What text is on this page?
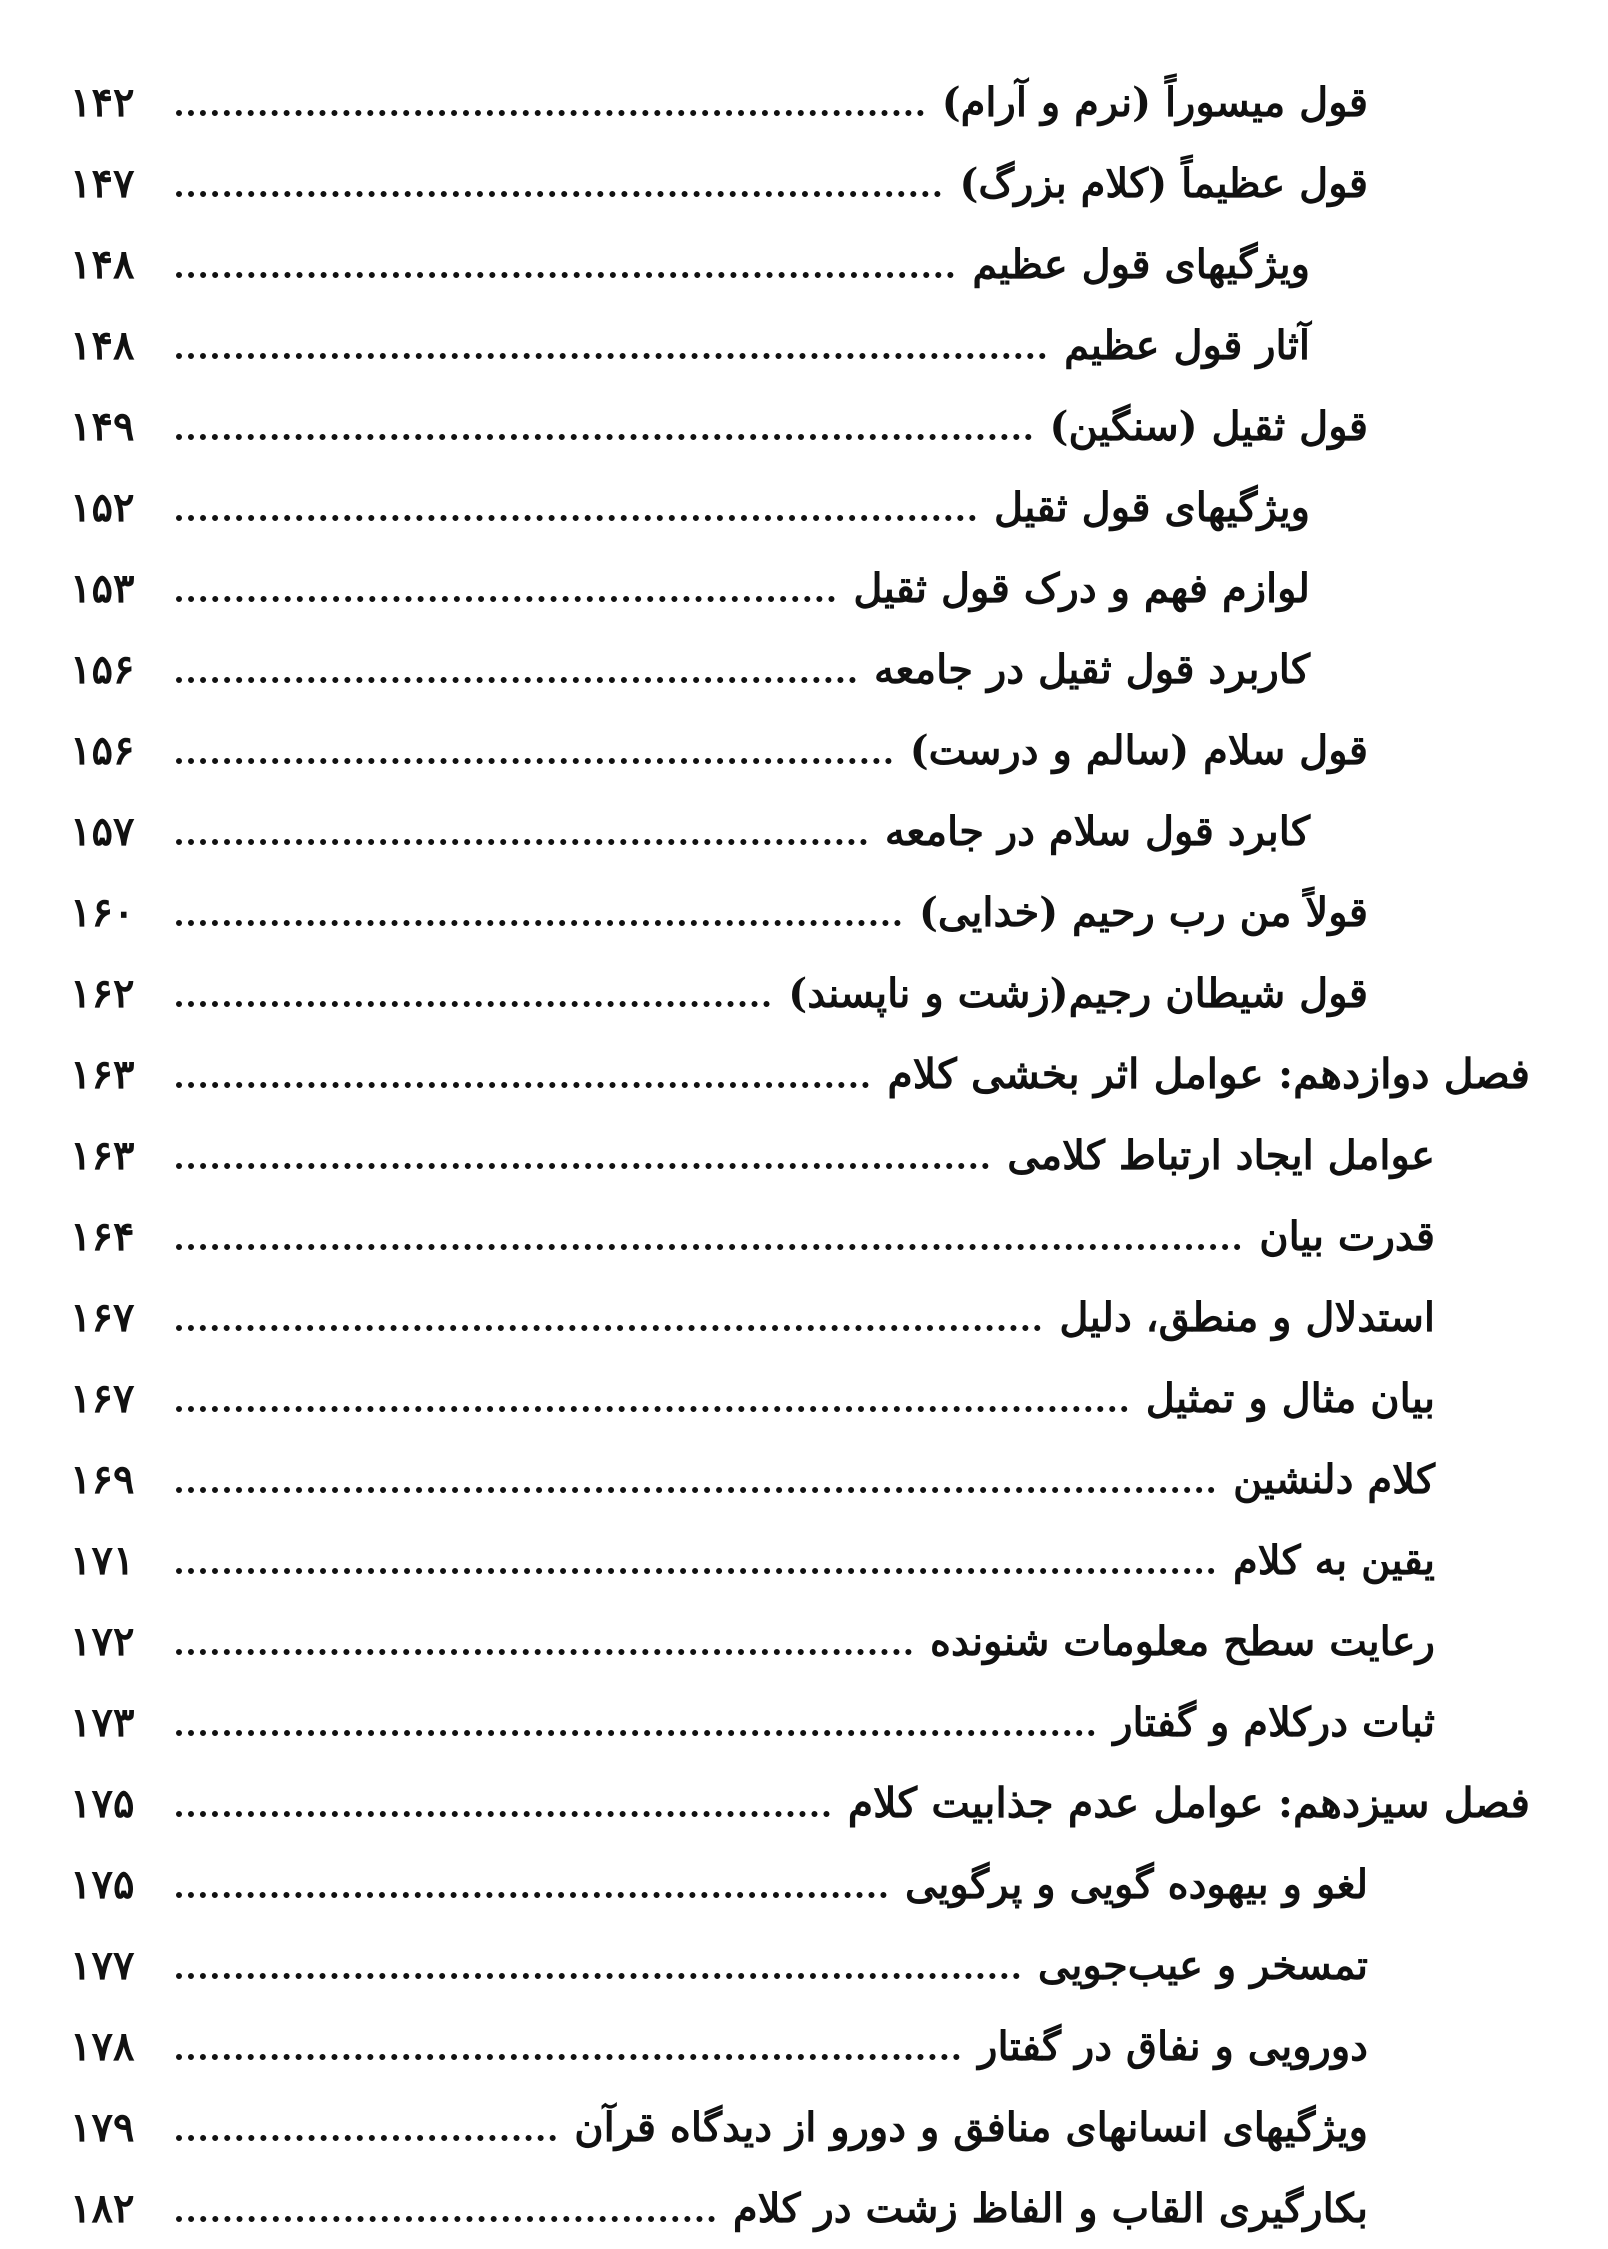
قول میسوراً (نرم و آرام)
۱۴۲
قول عظیماً (کلام بزرگ)
۱۴۷
ویژگیهای قول عظیم
۱۴۸
آثار قول عظیم
۱۴۸
قول ثقیل (سنگین)
۱۴۹
ویژگیهای قول ثقیل
۱۵۲
لوازم فهم و درک قول ثقیل
۱۵۳
کاربرد قول ثقیل در جامعه
۱۵۶
قول سلام (سالم و درست)
۱۵۶
کابرد قول سلام در جامعه
۱۵۷
قولاً من رب رحیم (خدایی)
۱۶۰
قول شیطان رجیم(زشت و ناپسند)
۱۶۲
فصل دوازدهم: عوامل اثر بخشی کلام
۱۶۳
عوامل ایجاد ارتباط کلامی
۱۶۳
قدرت بیان
۱۶۴
استدلال و منطق، دلیل
۱۶۷
بیان مثال و تمثیل
۱۶۷
کلام دلنشین
۱۶۹
یقین به کلام
۱۷۱
رعایت سطح معلومات شنونده
۱۷۲
ثبات درکلام و گفتار
۱۷۳
فصل سیزدهم: عوامل عدم جذابیت کلام
۱۷۵
لغو و بیهوده گویی و پرگویی
۱۷۵
تمسخر و عیب‌جویی
۱۷۷
دورویی و نفاق در گفتار
۱۷۸
ویژگیهای انسانهای منافق و دورو از دیدگاه قرآن
۱۷۹
بکارگیری القاب و الفاظ زشت در کلام
۱۸۲
